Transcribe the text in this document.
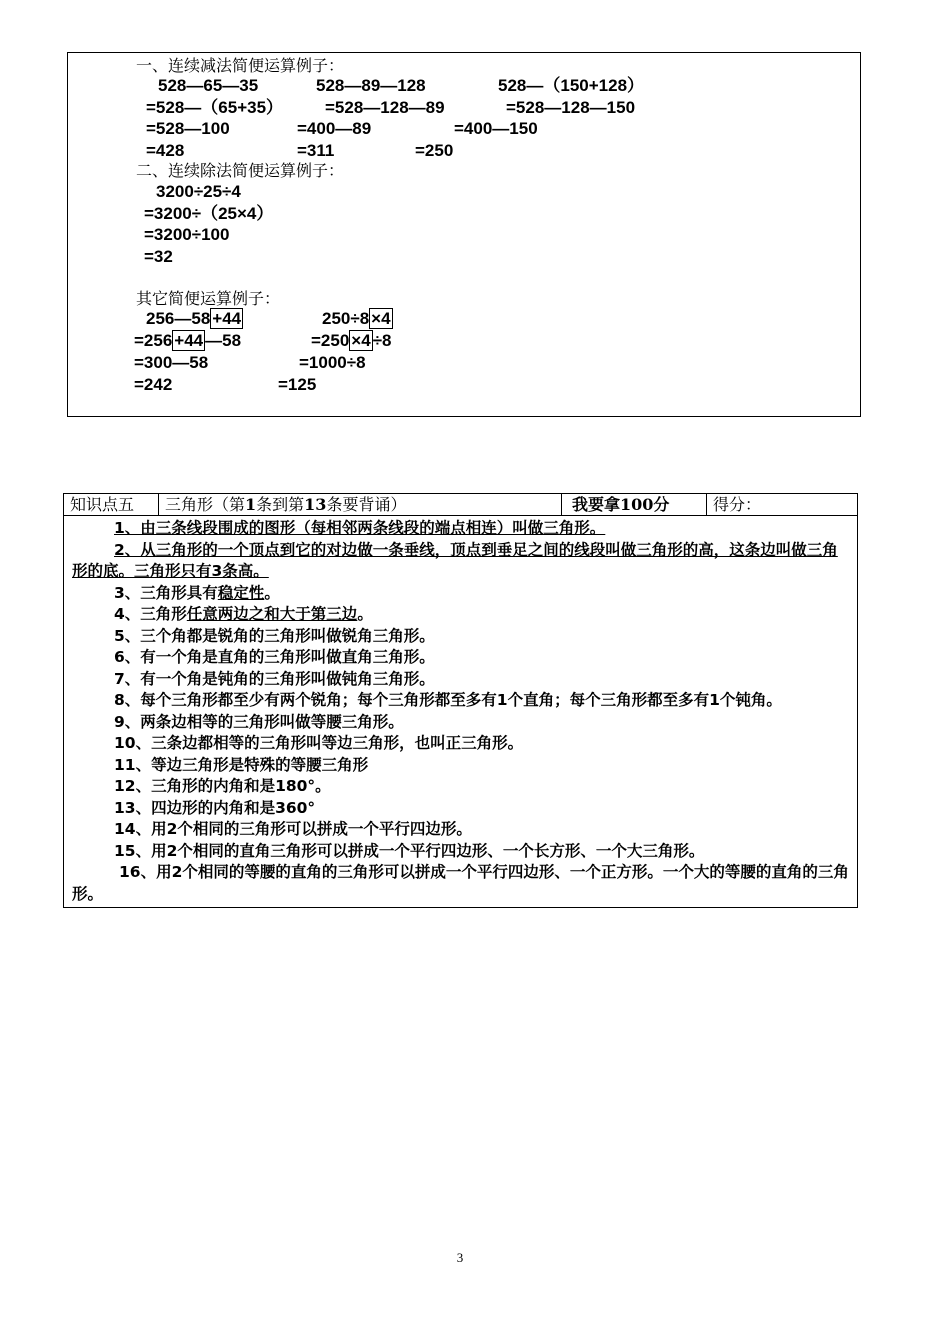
一、连续减法简便运算例子：
528—65—35	528—89—128	528—（150+128）
=528—（65+35） =528—128—89	=528—128—150
=528—100	=400—89	=400—150
=428	=311	=250
二、连续除法简便运算例子：
3200÷25÷4
=3200÷（25×4）
=3200÷100
=32
其它简便运算例子：
256—58 +44	250÷8 ×4
=256 +44 —58	=250 ×4 ÷8
=300—58	=1000÷8
=242	=125
知识点五	三角形（第1条到第13条要背诵）	我要拿100分	得分：

1、由三条线段围成的图形（每相邻两条线段的端点相连）叫做三角形。

2、从三角形的一个顶点到它的对边做一条垂线，顶点到垂足之间的线段叫做三角形的高，这条边叫做三角形的底。三角形只有3条高。

3、三角形具有稳定性。

4、三角形任意两边之和大于第三边。

5、三个角都是锐角的三角形叫做锐角三角形。

6、有一个角是直角的三角形叫做直角三角形。

7、有一个角是钝角的三角形叫做钝角三角形。

8、每个三角形都至少有两个锐角；每个三角形都至多有1个直角；每个三角形都至多有1个钝角。

9、两条边相等的三角形叫做等腰三角形。

10、三条边都相等的三角形叫等边三角形，也叫正三角形。

11、等边三角形是特殊的等腰三角形

12、三角形的内角和是180°。

13、四边形的内角和是360°

14、用2个相同的三角形可以拼成一个平行四边形。

15、用2个相同的直角三角形可以拼成一个平行四边形、一个长方形、一个大三角形。

16、用2个相同的等腰的直角的三角形可以拼成一个平行四边形、一个正方形。一个大的等腰的直角的三角形。

3
